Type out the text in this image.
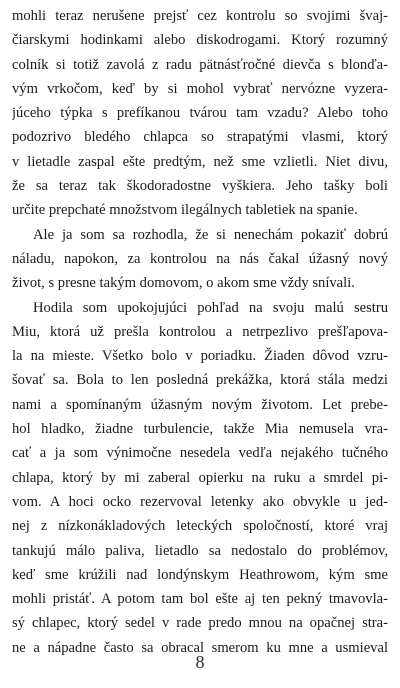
mohli teraz nerušene prejsť cez kontrolu so svojimi švaj-
čiarskymi hodinkami alebo diskodrogami. Ktorý rozumný
colník si totiž zavolá z radu pätnásťročné dievča s blonďa-
vým vrkočom, keď by si mohol vybrať nervózne vyzera-
júceho týpka s prefíkanou tvárou tam vzadu? Alebo toho
podozrivo bledého chlapca so strapatými vlasmi, ktorý
v lietadle zaspal ešte predtým, než sme vzlietli. Niet divu,
že sa teraz tak škodoradostne vyškiera. Jeho tašky boli
určite prepchaté množstvom ilegálnych tabletiek na spanie.
Ale ja som sa rozhodla, že si nenechám pokaziť dobrú
náladu, napokon, za kontrolou na nás čakal úžasný nový
život, s presne takým domovom, o akom sme vždy snívali.
Hodila som upokojujúci pohľad na svoju malú sestru
Miu, ktorá už prešla kontrolou a netrpezlivo prešľapova-
la na mieste. Všetko bolo v poriadku. Žiaden dôvod vzru-
šovať sa. Bola to len posledná prekážka, ktorá stála medzi
nami a spomínaným úžasným novým životom. Let prebe-
hol hladko, žiadne turbulencie, takže Mia nemusela vra-
cať a ja som výnimočne nesedela vedľa nejakého tučného
chlapa, ktorý by mi zaberal opierku na ruku a smrdel pi-
vom. A hoci ocko rezervoval letenky ako obvykle u jed-
nej z nízkonákladových leteckých spoločností, ktoré vraj
tankujú málo paliva, lietadlo sa nedostalo do problémov,
keď sme krúžili nad londýnskym Heathrowom, kým sme
mohli pristáť. A potom tam bol ešte aj ten pekný tmavovla-
sý chlapec, ktorý sedel v rade predo mnou na opačnej stra-
ne a nápadne často sa obracal smerom ku mne a usmieval
8
